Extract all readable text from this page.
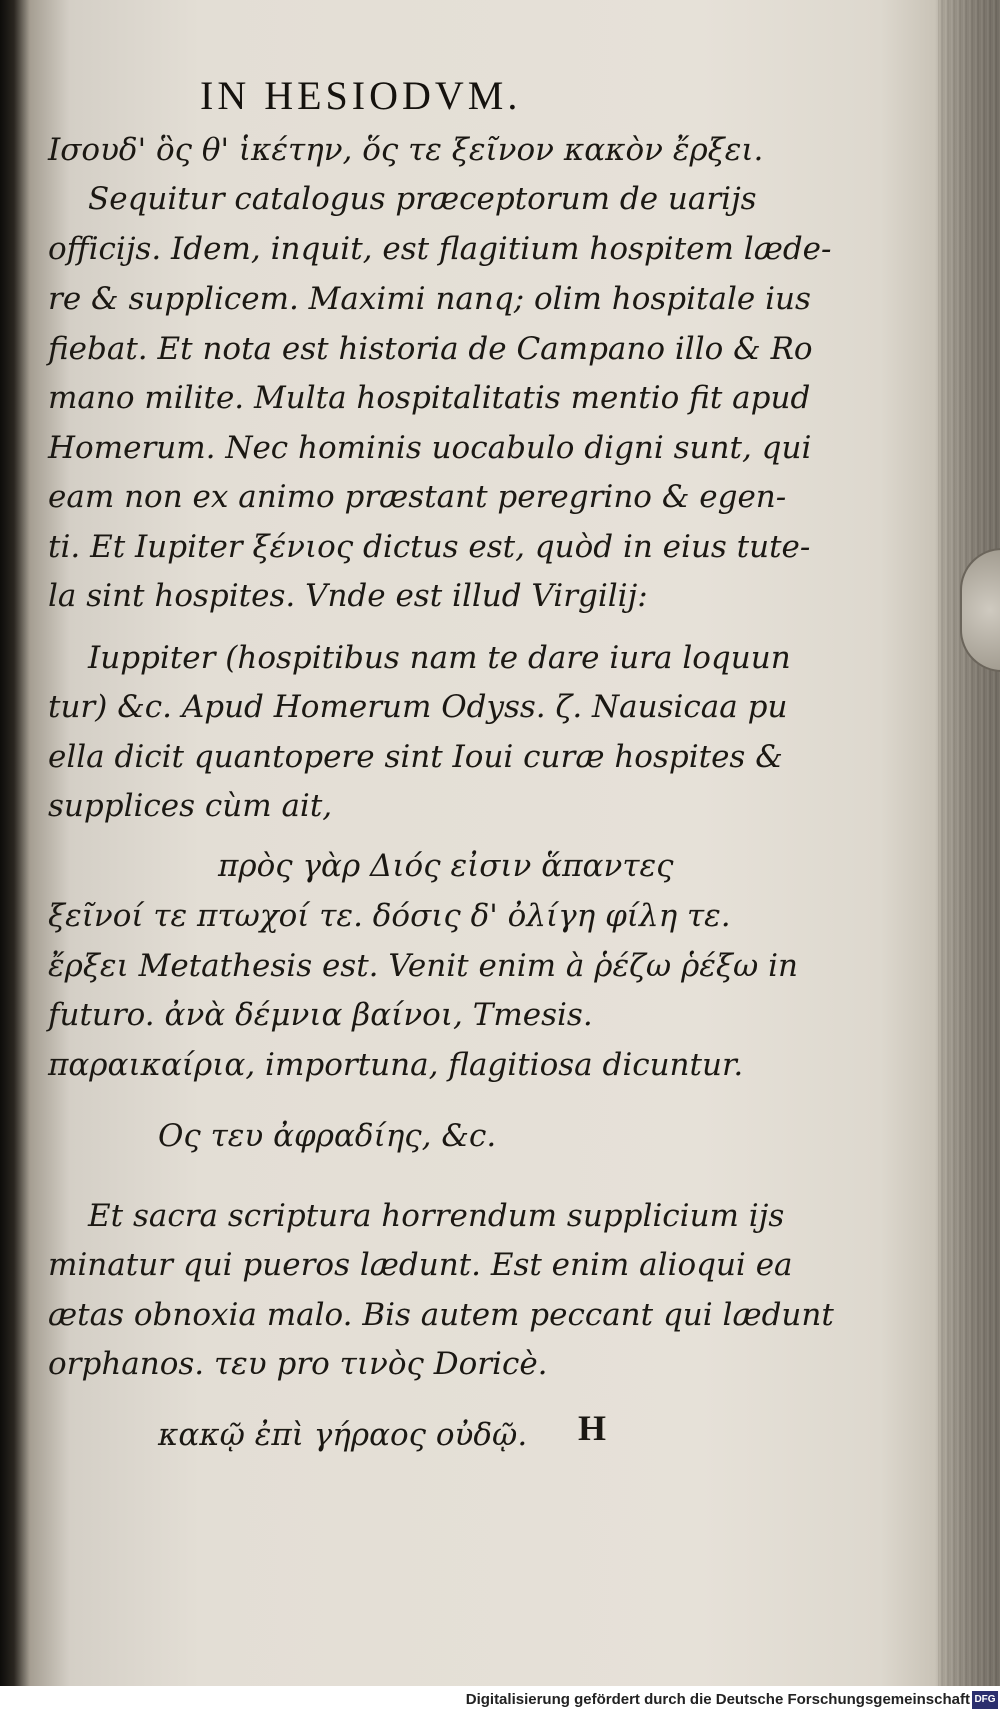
IN HESIODVM.
Ισουδ' ὃς θ' ἱκέτην, ὅς τε ξεῖνον κακὸν ἔρξει.
Sequitur catalogus præceptorum de uarijs
officijs. Idem, inquit, est flagitium hospitem læde-
re & supplicem. Maximi nanq; olim hospitale ius
fiebat. Et nota est historia de Campano illo & Ro
mano milite. Multa hospitalitatis mentio fit apud
Homerum. Nec hominis uocabulo digni sunt, qui
eam non ex animo præstant peregrino & egen-
ti. Et Iupiter ξένιος dictus est, quòd in eius tute-
la sint hospites. Vnde est illud Virgilij:
Iuppiter (hospitibus nam te dare iura loquun
tur) &c. Apud Homerum Odyss. ζ. Nausicaa pu
ella dicit quantopere sint Ioui curæ hospites &
supplices cùm ait,
πρὸς γὰρ Διός εἰσιν ἅπαντες
ξεῖνοί τε πτωχοί τε. δόσις δ' ὀλίγη φίλη τε.
ἔρξει Metathesis est. Venit enim à ῥέζω ῥέξω in
futuro. ἀνὰ δέμνια βαίνοι, Tmesis.
παραικαίρια, importuna, flagitiosa dicuntur.
Ος τευ ἀφραδίης, &c.
Et sacra scriptura horrendum supplicium ijs
minatur qui pueros lædunt. Est enim alioqui ea
ætas obnoxia malo. Bis autem peccant qui lædunt
orphanos. τευ pro τινὸς Doricè.
κακῷ ἐπὶ γήραος οὐδῷ. H
Digitalisierung gefördert durch die Deutsche Forschungsgemeinschaft DFG
